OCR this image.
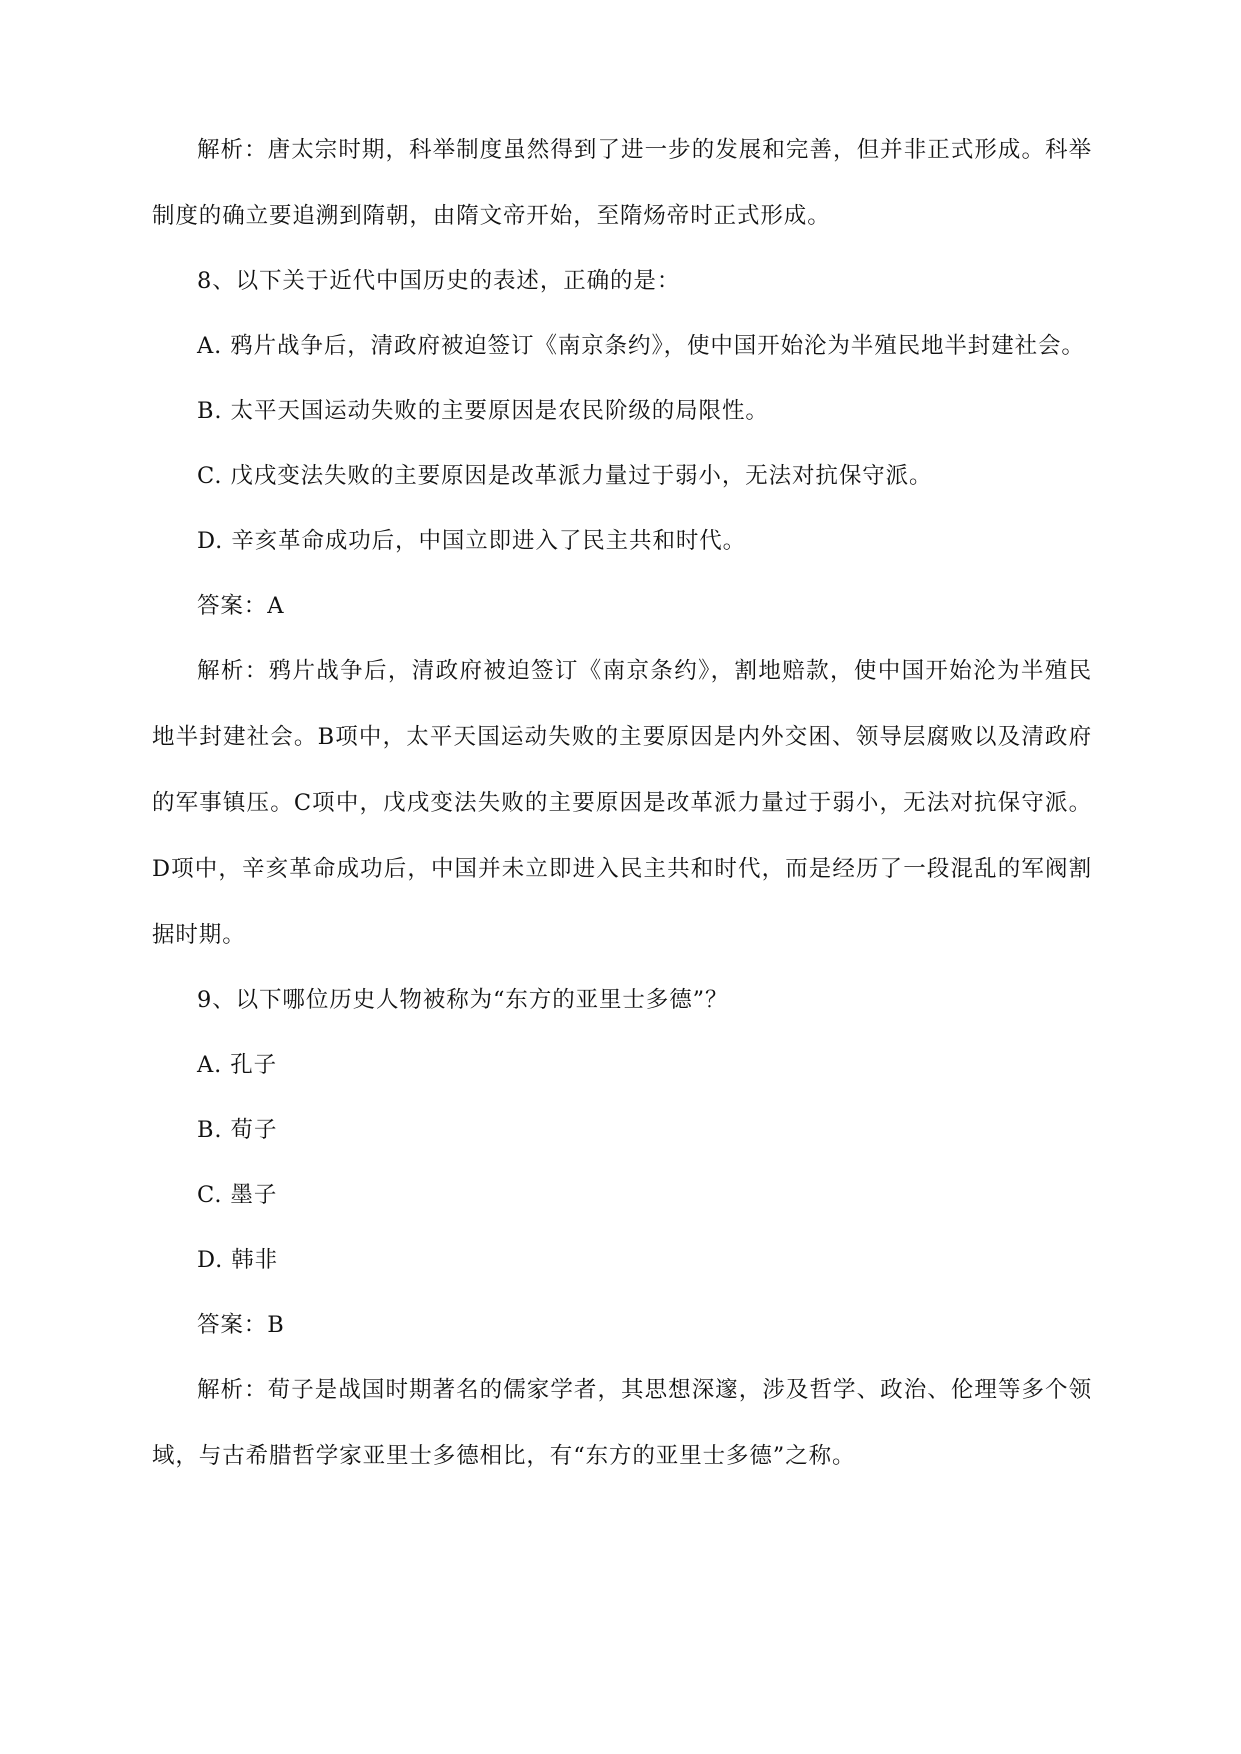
解析：唐太宗时期，科举制度虽然得到了进一步的发展和完善，但并非正式形成。科举制度的确立要追溯到隋朝，由隋文帝开始，至隋炀帝时正式形成。

8、以下关于近代中国历史的表述，正确的是：

A. 鸦片战争后，清政府被迫签订《南京条约》，使中国开始沦为半殖民地半封建社会。

B. 太平天国运动失败的主要原因是农民阶级的局限性。

C. 戊戌变法失败的主要原因是改革派力量过于弱小，无法对抗保守派。

D. 辛亥革命成功后，中国立即进入了民主共和时代。

答案：A

解析：鸦片战争后，清政府被迫签订《南京条约》，割地赔款，使中国开始沦为半殖民地半封建社会。B项中，太平天国运动失败的主要原因是内外交困、领导层腐败以及清政府的军事镇压。C项中，戊戌变法失败的主要原因是改革派力量过于弱小，无法对抗保守派。D项中，辛亥革命成功后，中国并未立即进入民主共和时代，而是经历了一段混乱的军阀割据时期。

9、以下哪位历史人物被称为“东方的亚里士多德”？

A. 孔子

B. 荀子

C. 墨子

D. 韩非

答案：B

解析：荀子是战国时期著名的儒家学者，其思想深邃，涉及哲学、政治、伦理等多个领域，与古希腊哲学家亚里士多德相比，有“东方的亚里士多德”之称。
